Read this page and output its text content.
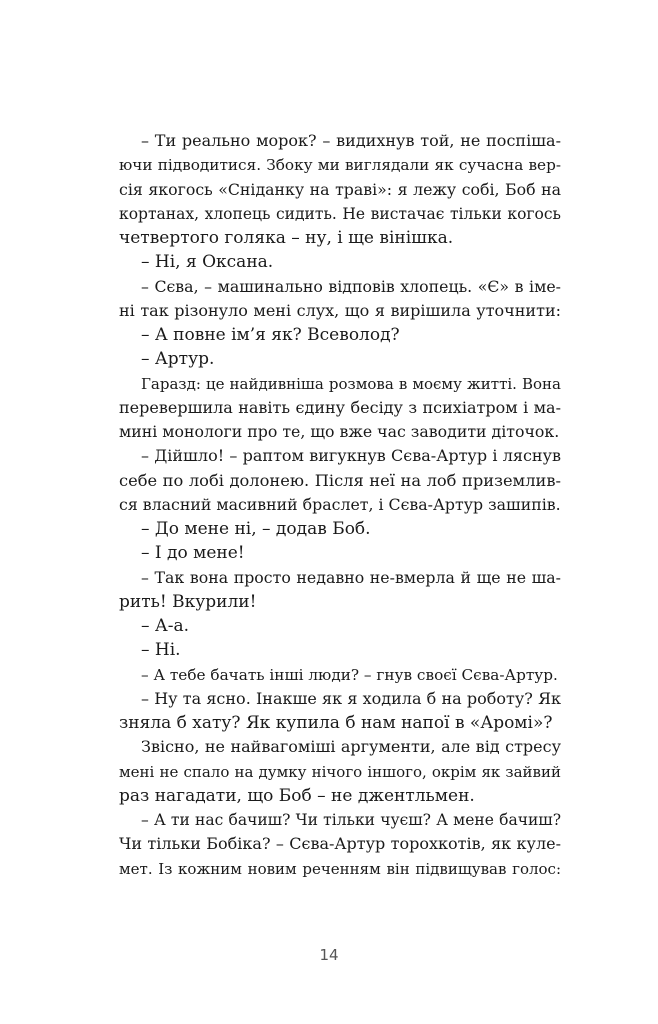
– Ти реально морок? – видихнув той, не поспіша-
ючи підводитися. Збоку ми виглядали як сучасна вер-
сія якогось «Сніданку на траві»: я лежу собі, Боб на
кортанах, хлопець сидить. Не вистачає тільки когось
четвертого голяка – ну, і ще вінішка.
– Ні, я Оксана.
– Сєва, – машинально відповів хлопець. «Є» в іме-
ні так різонуло мені слух, що я вирішила уточнити:
– А повне ім’я як? Всеволод?
– Артур.
Гаразд: це найдивніша розмова в моєму житті. Вона
перевершила навіть єдину бесіду з психіатром і ма-
мині монологи про те, що вже час заводити діточок.
– Дійшло! – раптом вигукнув Сєва-Артур і ляснув
себе по лобі долонею. Після неї на лоб приземлив-
ся власний масивний браслет, і Сєва-Артур зашипів.
– До мене ні, – додав Боб.
– І до мене!
– Так вона просто недавно не-вмерла й ще не ша-
рить! Вкурили!
– А-а.
– Ні.
– А тебе бачать інші люди? – гнув своєї Сєва-Артур.
– Ну та ясно. Інакше як я ходила б на роботу? Як
зняла б хату? Як купила б нам напої в «Аромі»?
Звісно, не найвагоміші аргументи, але від стресу
мені не спало на думку нічого іншого, окрім як зайвий
раз нагадати, що Боб – не джентльмен.
– А ти нас бачиш? Чи тільки чуєш? А мене бачиш?
Чи тільки Бобіка? – Сєва-Артур торохкотів, як куле-
мет. Із кожним новим реченням він підвищував голос:
14
